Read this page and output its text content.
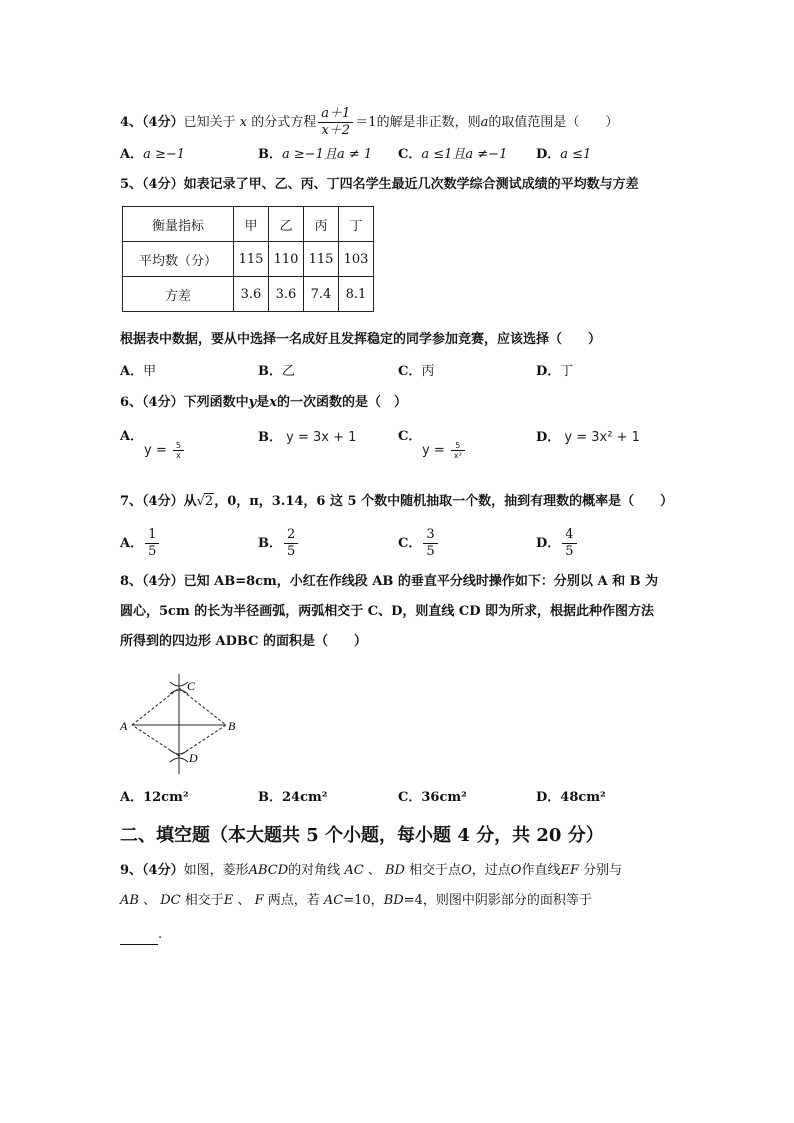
4、（4分）已知关于 x 的分式方程 $\frac{a+1}{x+2} =1$的解是非正数，则a的取值范围是（　　）
A．a ≥−1	B．a ≥−1且a ≠ 1 C．a ≤1且a ≠−1 D．a ≤1
5、（4分）如表记录了甲、乙、丙、丁四名学生最近几次数学综合测试成绩的平均数与方差
衡量指标	甲	乙	丙	丁
平均数（分）	115	110	115	103
方差	3.6	3.6	7.4	8.1
根据表中数据，要从中选择一名成好且发挥稳定的同学参加竞赛，应该选择（　　）
A．甲	B．乙	C．丙	D．丁
6、（4分）下列函数中y是x的一次函数的是（　）
A．
$y = \frac{5}{x}$
B． y = 3x + 1	C．
$y = \frac{5}{\text{x²}}$
D． y = 3x² + 1
7、（4分）从√2，0，π，3.14，6 这 5 个数中随机抽取一个数，抽到有理数的概率是（　　）
A． $\frac{1}{5}$	B． $\frac{2}{5}$	C． $\frac{3}{5}$	D． $\frac{4}{5}$
8、（4分）已知 AB=8cm，小红在作线段 AB 的垂直平分线时操作如下：分别以 A 和 B 为
圆心，5cm 的长为半径画弧，两弧相交于 C、D，则直线 CD 即为所求，根据此种作图方法
所得到的四边形 ADBC 的面积是（　　）
A	B
C
D
A．12cm²	B．24cm²	C．36cm²	D．48cm²
二、填空题（本大题共 5 个小题，每小题 4 分，共 20 分）
9、（4分）如图，菱形ABCD的对角线 AC 、 BD 相交于点O，过点O作直线EF 分别与
AB 、 DC 相交于E 、 F 两点，若 AC=10，BD=4，则图中阴影部分的面积等于
.
